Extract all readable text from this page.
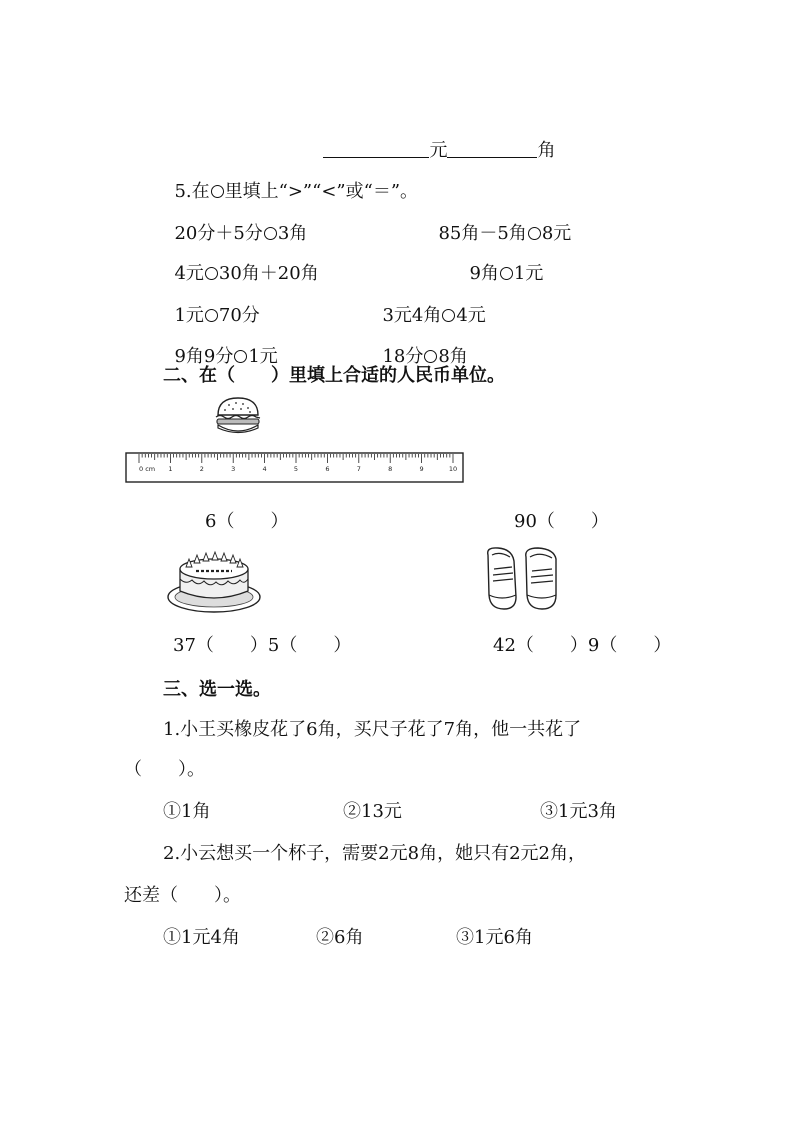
元	角

5.在 里填上“>”“<”或“＝”。

20分＋5分 3角	85角－5角 8元

4元 30角＋20角	9角 1元

1元 70分	3元4角 4元

9角9分 1元	18分 8角

二、在（　　）里填上合适的人民币单位。
0 cm 1	2	3	4	5	6	7	8	9	10
6（　　）	90（　　）
37（　　）5（　　）	42（　　）9（　　）
三、选一选。
1.小王买橡皮花了6角，买尺子花了7角，他一共花了
（　　）。
①1角	②13元	③1元3角
2.小云想买一个杯子，需要2元8角，她只有2元2角，
还差（　　）。
①1元4角	②6角	③1元6角
